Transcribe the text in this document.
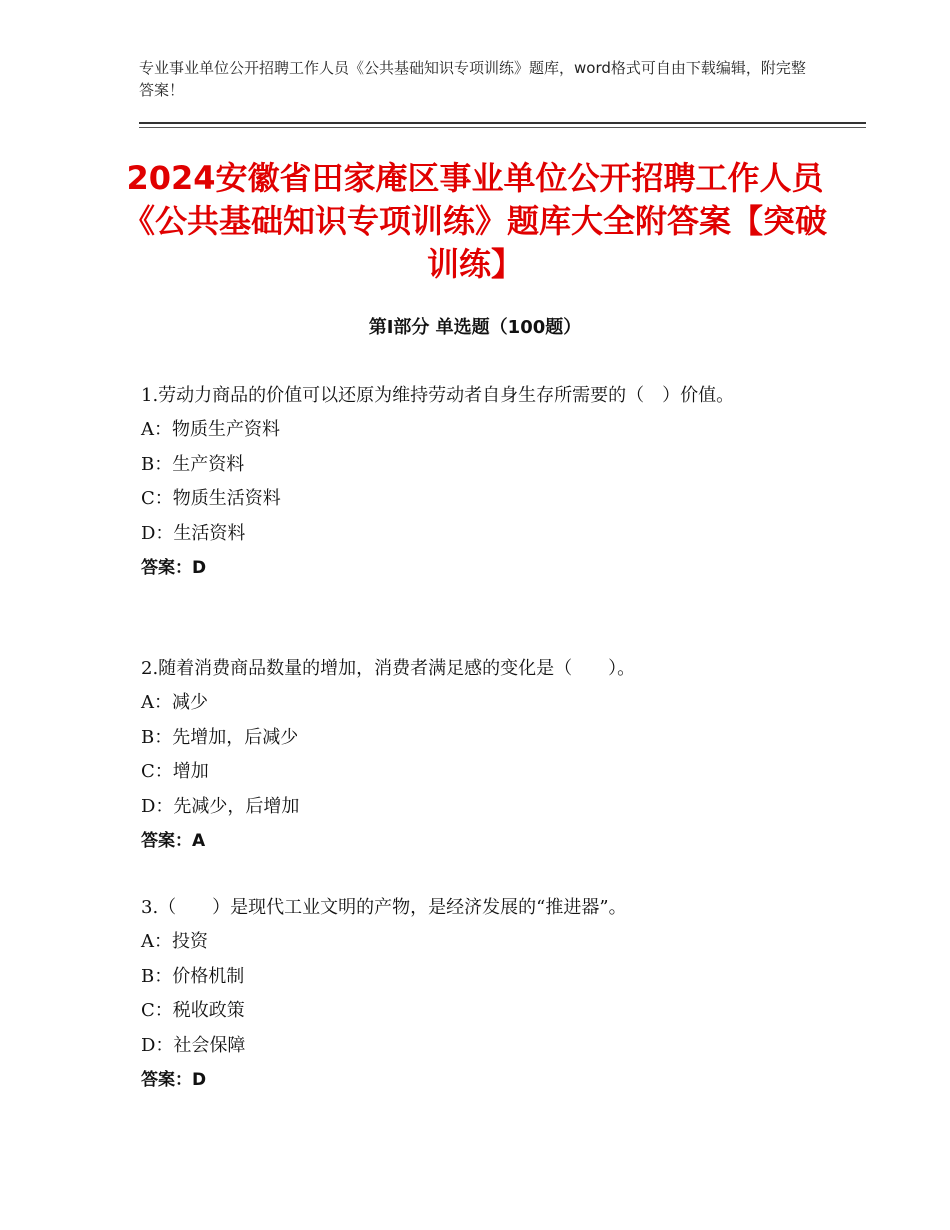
专业事业单位公开招聘工作人员《公共基础知识专项训练》题库，word格式可自由下载编辑，附完整答案！
2024安徽省田家庵区事业单位公开招聘工作人员《公共基础知识专项训练》题库大全附答案【突破训练】
第Ⅰ部分 单选题（100题）

1.劳动力商品的价值可以还原为维持劳动者自身生存所需要的（　）价值。

A：物质生产资料

B：生产资料

C：物质生活资料

D：生活资料

答案：D

2.随着消费商品数量的增加，消费者满足感的变化是（　　）。

A：减少

B：先增加，后减少

C：增加

D：先减少，后增加

答案：A

3.（　　）是现代工业文明的产物，是经济发展的“推进器”。

A：投资

B：价格机制

C：税收政策

D：社会保障

答案：D
